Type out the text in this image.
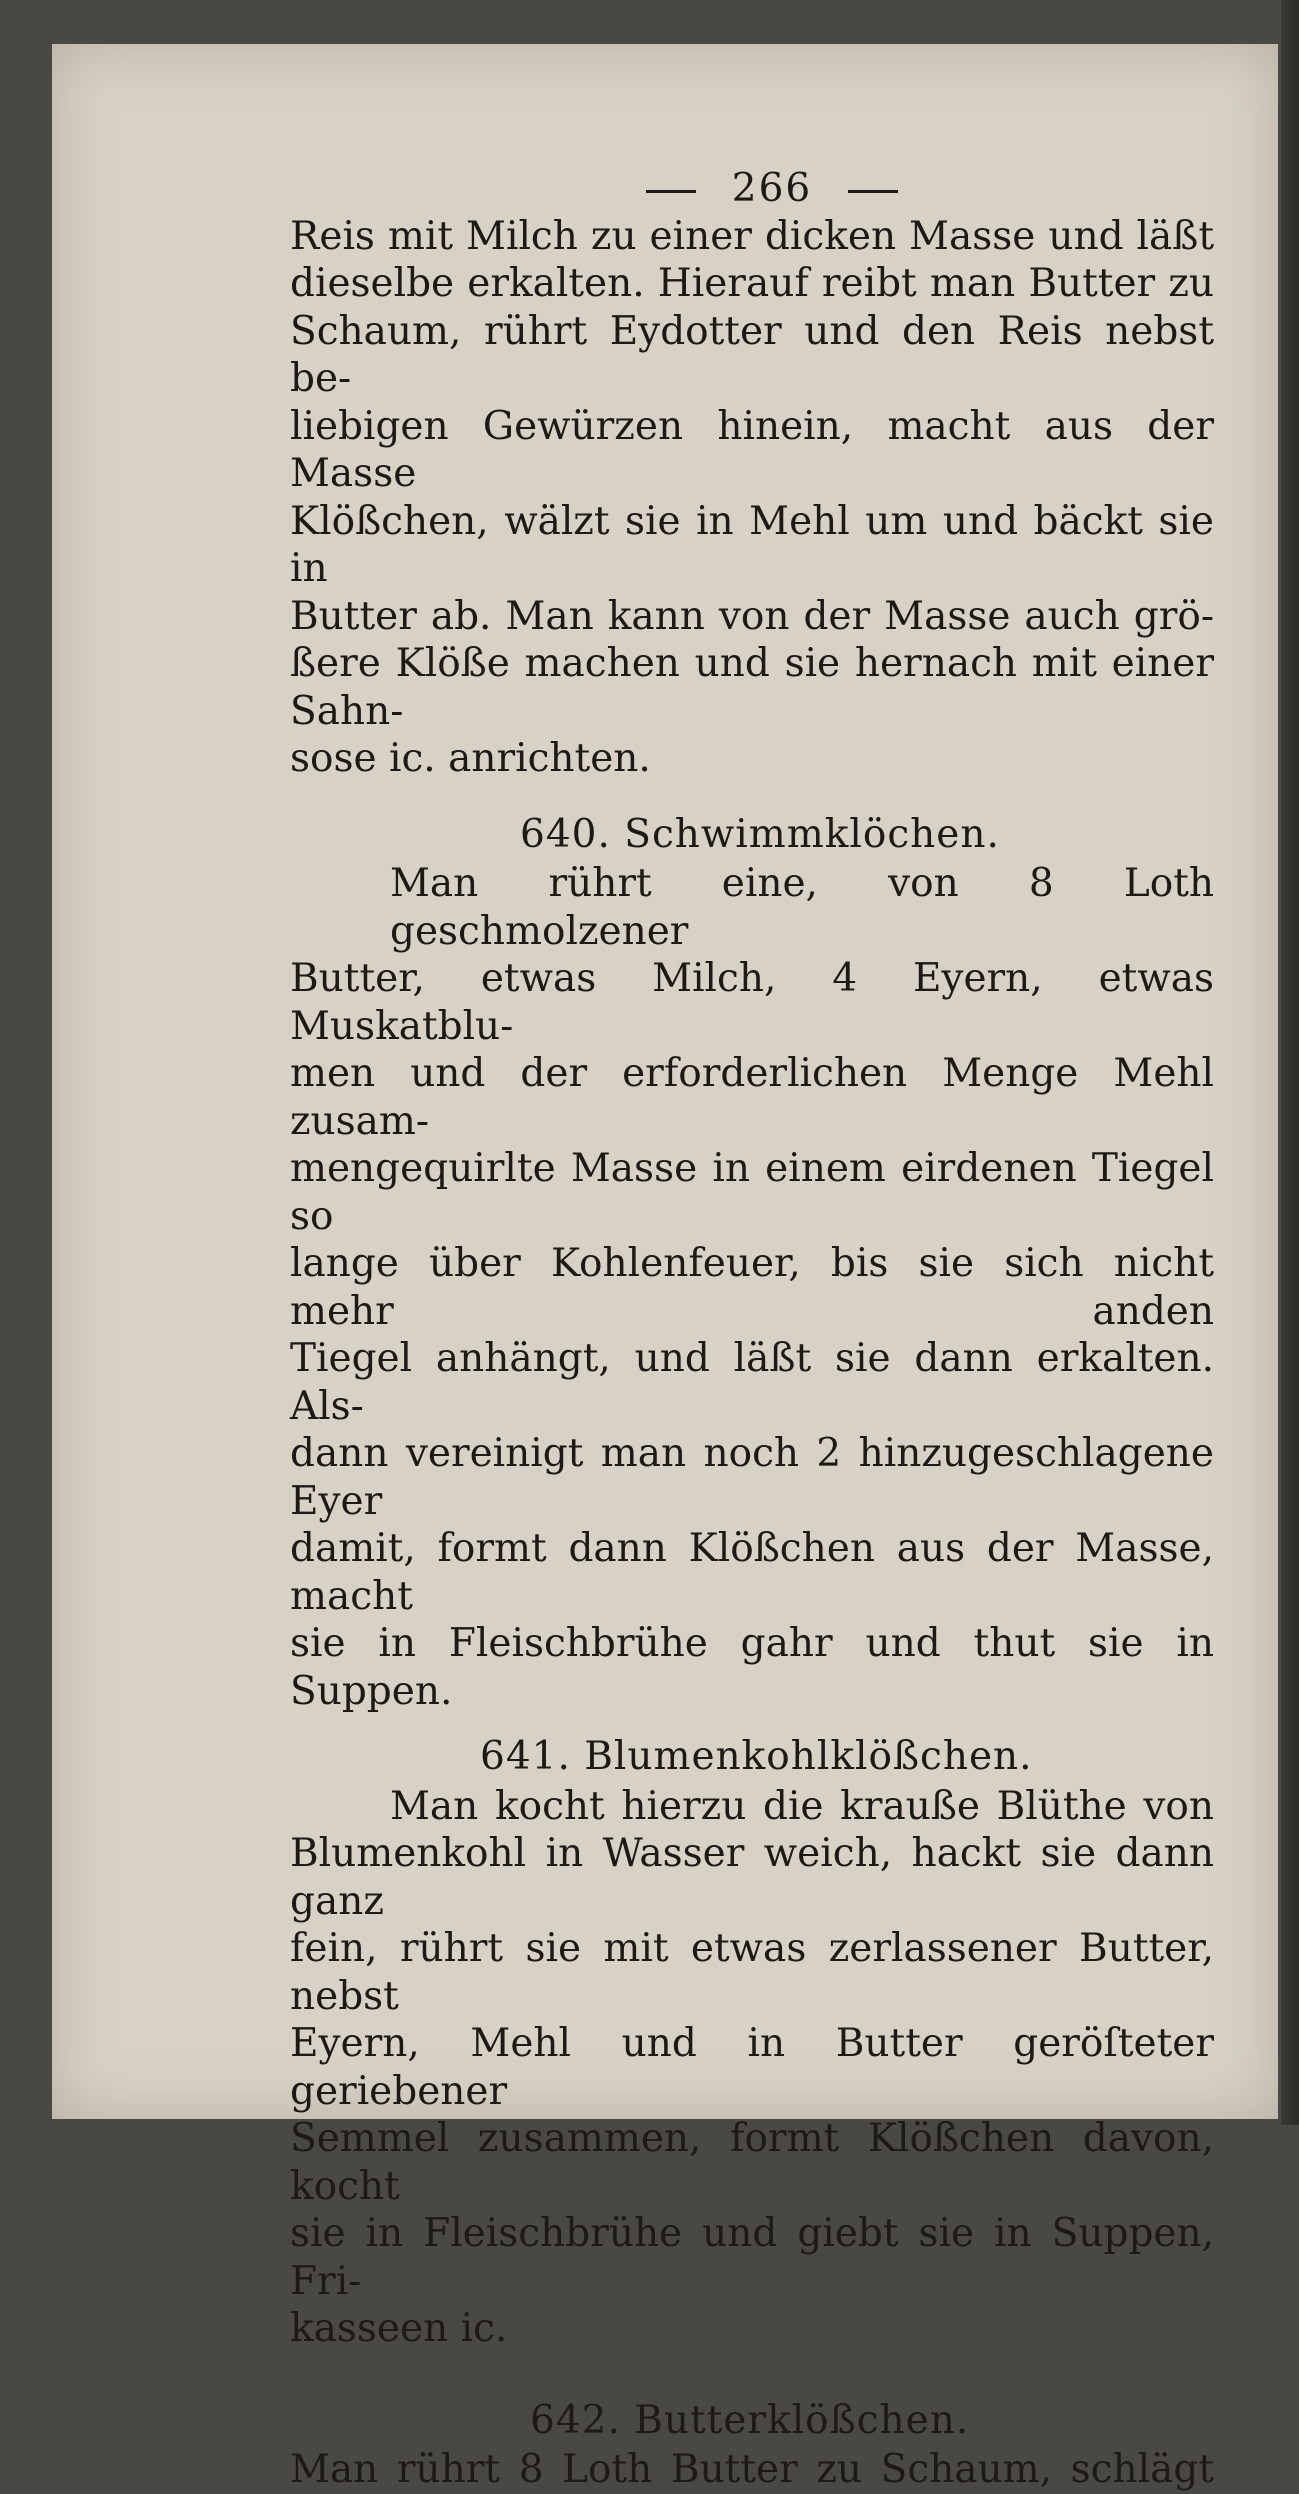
266
Reis mit Milch zu einer dicken Masse und läßt
dieselbe erkalten. Hierauf reibt man Butter zu
Schaum, rührt Eydotter und den Reis nebst be-
liebigen Gewürzen hinein, macht aus der Masse
Klößchen, wälzt sie in Mehl um und bäckt sie in
Butter ab. Man kann von der Masse auch grö-
ßere Klöße machen und sie hernach mit einer Sahn-
sose ic. anrichten.
640. Schwimmklöchen.
Man rührt eine, von 8 Loth geschmolzener
Butter, etwas Milch, 4 Eyern, etwas Muskatblu-
men und der erforderlichen Menge Mehl zusam-
mengequirlte Masse in einem eirdenen Tiegel so
lange über Kohlenfeuer, bis sie sich nicht mehr anden
Tiegel anhängt, und läßt sie dann erkalten. Als-
dann vereinigt man noch 2 hinzugeschlagene Eyer
damit, formt dann Klößchen aus der Masse, macht
sie in Fleischbrühe gahr und thut sie in Suppen.
641. Blumenkohlklößchen.
Man kocht hierzu die krauße Blüthe von
Blumenkohl in Wasser weich, hackt sie dann ganz
fein, rührt sie mit etwas zerlassener Butter, nebst
Eyern, Mehl und in Butter geröſteter geriebener
Semmel zusammen, formt Klößchen davon, kocht
sie in Fleischbrühe und giebt sie in Suppen, Fri-
kasseen ic.
642. Butterklößchen.
Man rührt 8 Loth Butter zu Schaum, schlägt
